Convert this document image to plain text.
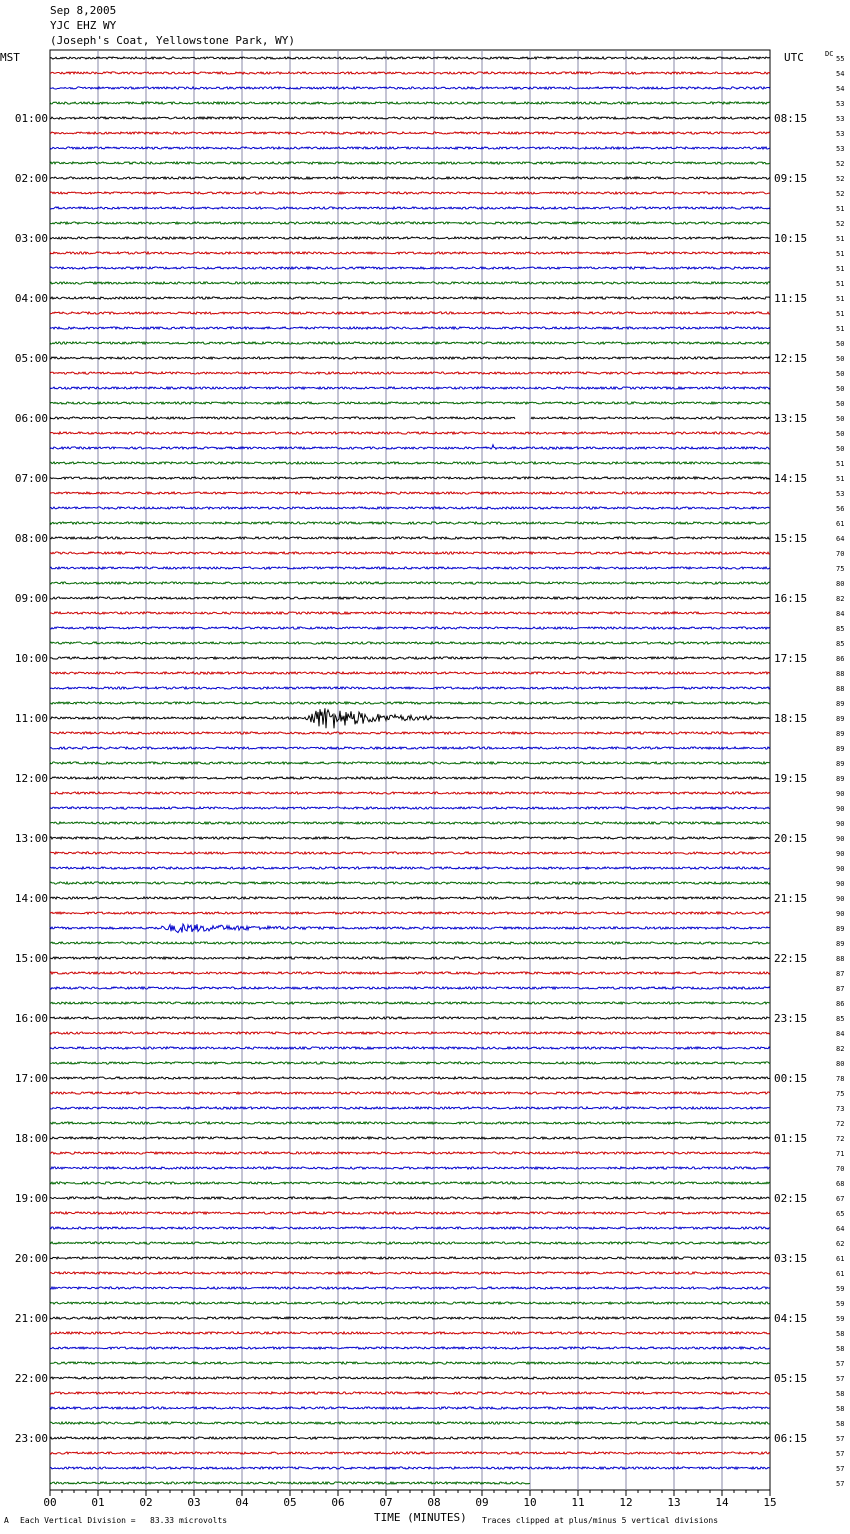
Sep 8,2005
YJC EHZ WY
(Joseph's Coat, Yellowstone Park, WY)
MST	UTC	DC
00	01	02	03	04	05	06	07	08	09	10	11	12	13	14	15
55
54
54
53
53
53
53
52
52
52
51
52
51
51
51
51
51
51
51
50
50
50
50
50
50
50
50
51
51
53
56
61
64
70
75
80
82
84
85
85
86
88
88
89
89
89
89
89
89
90
90
90
90
90
90
90
90
90
89
89
88
87
87
86
85
84
82
80
78
75
73
72
72
71
70
68
67
65
64
62
61
61
59
59
59
58
58
57
57
58
58
58
57
57
57
57
01:00
02:00
03:00
04:00
05:00
06:00
07:00
08:00
09:00
10:00
11:00
12:00
13:00
14:00
15:00
16:00
17:00
18:00
19:00
20:00
21:00
22:00
23:00
08:15
09:15
10:15
11:15
12:15
13:15
14:15
15:15
16:15
17:15
18:15
19:15
20:15
21:15
22:15
23:15
00:15
01:15
02:15
03:15
04:15
05:15
06:15
A Each Vertical Division =   83.33 microvolts	TIME (MINUTES) Traces clipped at plus/minus 5 vertical divisions
